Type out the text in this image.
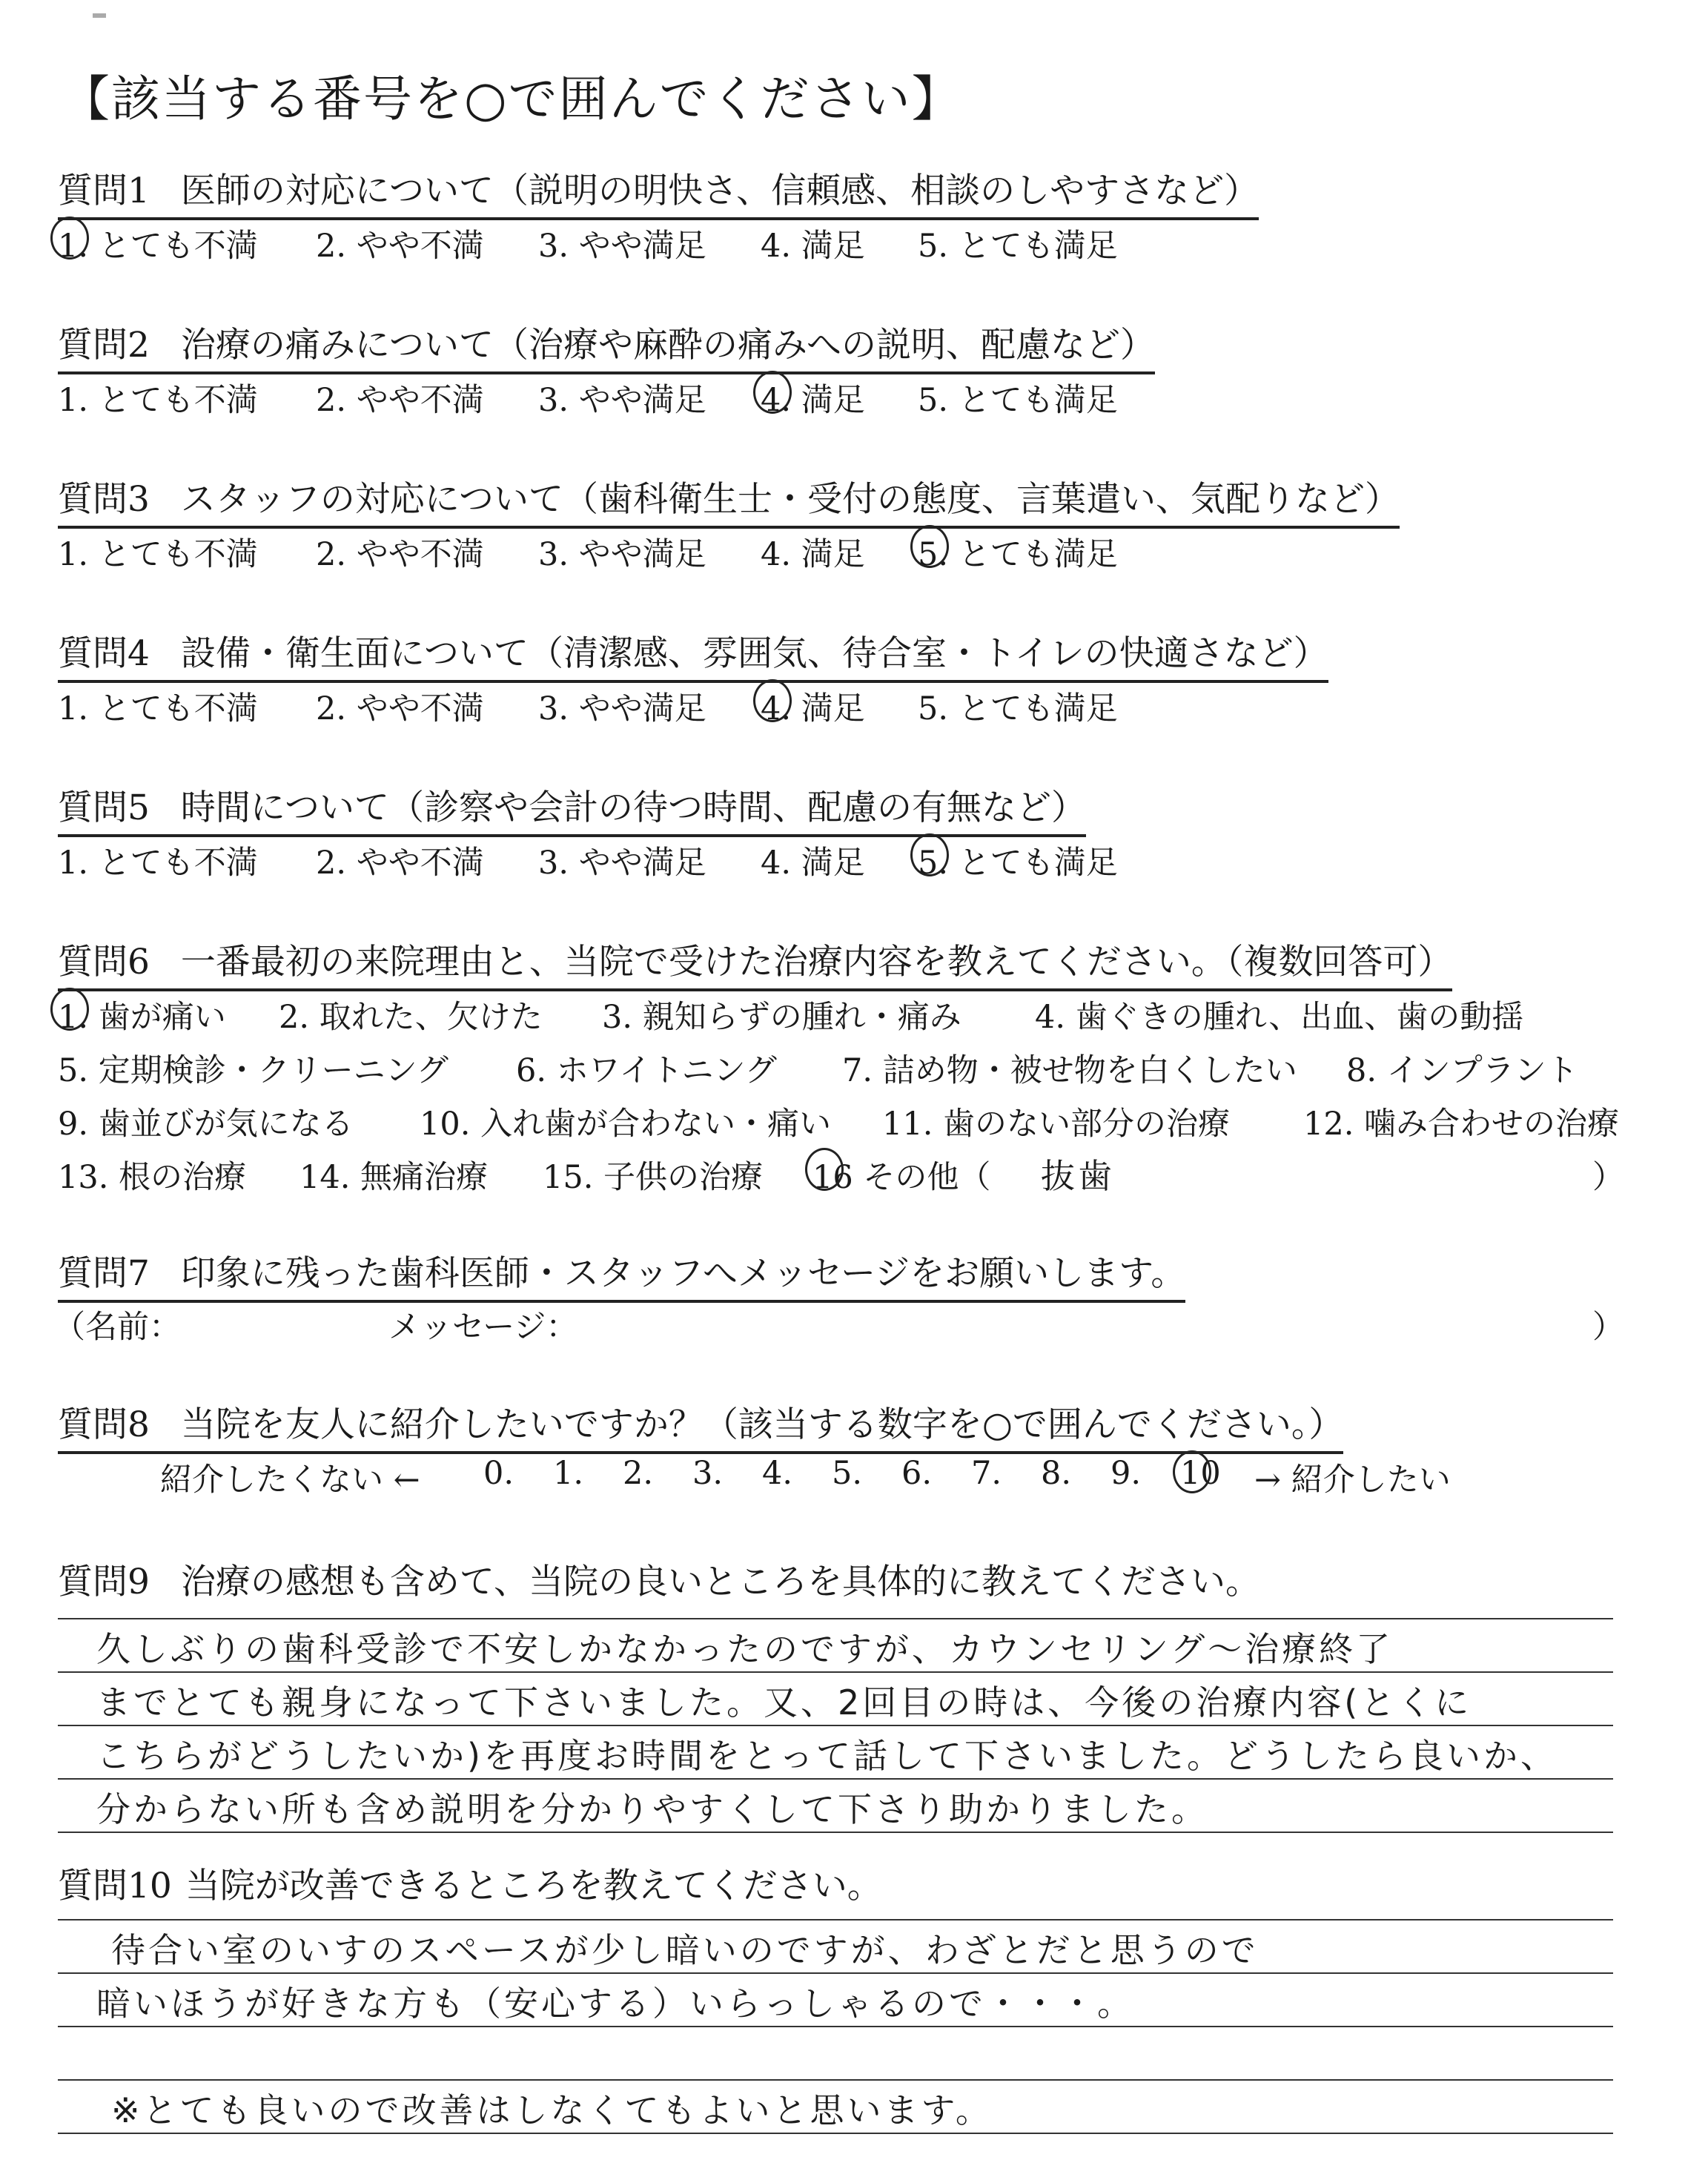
【該当する番号を○で囲んでください】
質問1 医師の対応について（説明の明快さ、信頼感、相談のしやすさなど）
1. とても不満 2. やや不満 3. やや満足 4. 満足 5. とても満足
質問2 治療の痛みについて（治療や麻酔の痛みへの説明、配慮など）
1. とても不満 2. やや不満 3. やや満足 4. 満足 5. とても満足
質問3 スタッフの対応について（歯科衛生士・受付の態度、言葉遣い、気配りなど）
1. とても不満 2. やや不満 3. やや満足 4. 満足 5. とても満足
質問4 設備・衛生面について（清潔感、雰囲気、待合室・トイレの快適さなど）
1. とても不満 2. やや不満 3. やや満足 4. 満足 5. とても満足
質問5 時間について（診察や会計の待つ時間、配慮の有無など）
1. とても不満 2. やや不満 3. やや満足 4. 満足 5. とても満足
質問6 一番最初の来院理由と、当院で受けた治療内容を教えてください。（複数回答可）
1. 歯が痛い 2. 取れた、欠けた 3. 親知らずの腫れ・痛み 4. 歯ぐきの腫れ、出血、歯の動揺
5. 定期検診・クリーニング 6. ホワイトニング 7. 詰め物・被せ物を白くしたい 8. インプラント
9. 歯並びが気になる 10. 入れ歯が合わない・痛い 11. 歯のない部分の治療 12. 噛み合わせの治療
13. 根の治療 14. 無痛治療 15. 子供の治療 16 その他（ 抜歯	）
質問7 印象に残った歯科医師・スタッフへメッセージをお願いします。
（名前：	メッセージ：	）
質問8 当院を友人に紹介したいですか？（該当する数字を○で囲んでください。）
紹介したくない ← 0. 1. 2. 3. 4. 5. 6. 7. 8. 9. 10 → 紹介したい
質問9 治療の感想も含めて、当院の良いところを具体的に教えてください。
久しぶりの歯科受診で不安しかなかったのですが、カウンセリング〜治療終了
までとても親身になって下さいました。又、2回目の時は、今後の治療内容(とくに
こちらがどうしたいか)を再度お時間をとって話して下さいました。どうしたら良いか、
分からない所も含め説明を分かりやすくして下さり助かりました。
質問10 当院が改善できるところを教えてください。
待合い室のいすのスペースが少し暗いのですが、わざとだと思うので
暗いほうが好きな方も（安心する）いらっしゃるので・・・。
※とても良いので改善はしなくてもよいと思います。
